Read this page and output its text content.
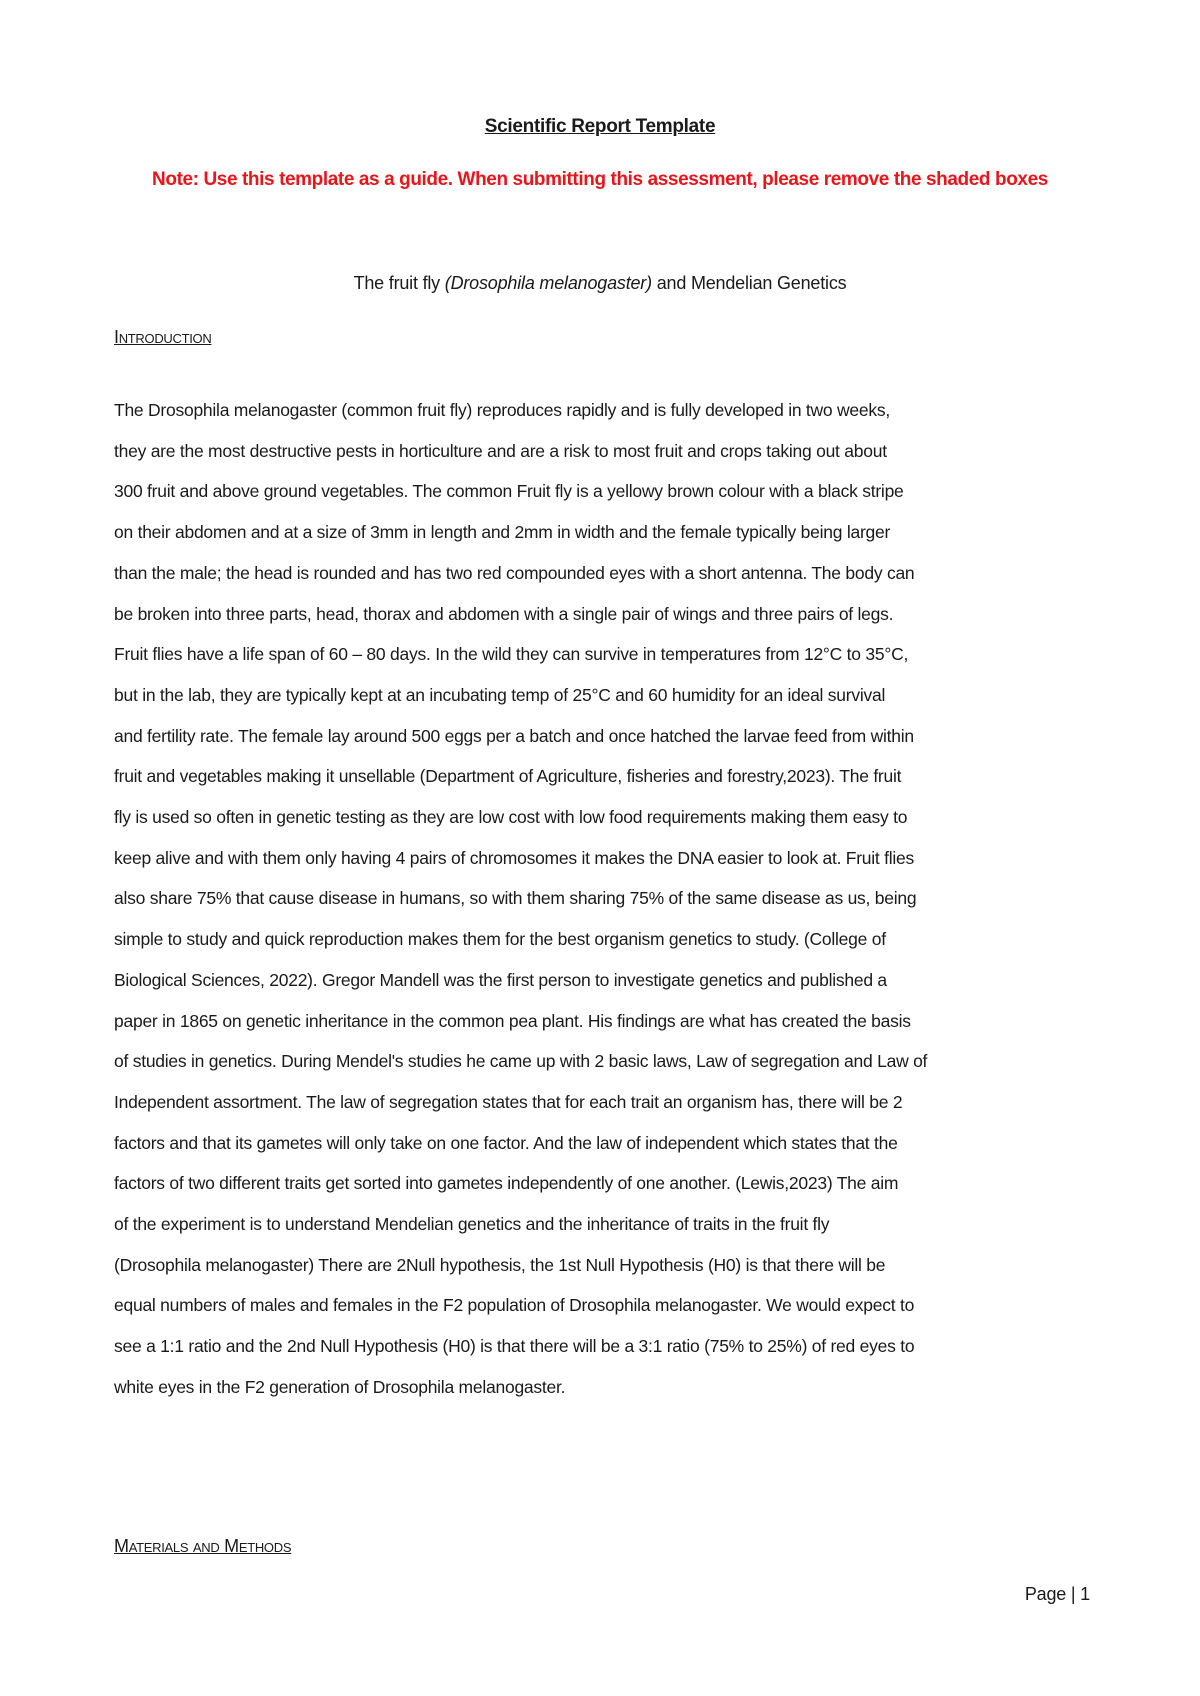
Scientific Report Template
Note: Use this template as a guide. When submitting this assessment, please remove the shaded boxes
The fruit fly (Drosophila melanogaster) and Mendelian Genetics
Introduction
The Drosophila melanogaster (common fruit fly) reproduces rapidly and is fully developed in two weeks,
they are the most destructive pests in horticulture and are a risk to most fruit and crops taking out about
300 fruit and above ground vegetables. The common Fruit fly is a yellowy brown colour with a black stripe
on their abdomen and at a size of 3mm in length and 2mm in width and the female typically being larger
than the male; the head is rounded and has two red compounded eyes with a short antenna. The body can
be broken into three parts, head, thorax and abdomen with a single pair of wings and three pairs of legs.
Fruit flies have a life span of 60 – 80 days. In the wild they can survive in temperatures from 12°C to 35°C,
but in the lab, they are typically kept at an incubating temp of 25°C and 60 humidity for an ideal survival
and fertility rate. The female lay around 500 eggs per a batch and once hatched the larvae feed from within
fruit and vegetables making it unsellable (Department of Agriculture, fisheries and forestry,2023). The fruit
fly is used so often in genetic testing as they are low cost with low food requirements making them easy to
keep alive and with them only having 4 pairs of chromosomes it makes the DNA easier to look at. Fruit flies
also share 75% that cause disease in humans, so with them sharing 75% of the same disease as us, being
simple to study and quick reproduction makes them for the best organism genetics to study. (College of
Biological Sciences, 2022). Gregor Mandell was the first person to investigate genetics and published a
paper in 1865 on genetic inheritance in the common pea plant. His findings are what has created the basis
of studies in genetics. During Mendel's studies he came up with 2 basic laws, Law of segregation and Law of
Independent assortment. The law of segregation states that for each trait an organism has, there will be 2
factors and that its gametes will only take on one factor. And the law of independent which states that the
factors of two different traits get sorted into gametes independently of one another. (Lewis,2023) The aim
of the experiment is to understand Mendelian genetics and the inheritance of traits in the fruit fly
(Drosophila melanogaster) There are 2Null hypothesis, the 1st Null Hypothesis (H0) is that there will be
equal numbers of males and females in the F2 population of Drosophila melanogaster. We would expect to
see a 1:1 ratio and the 2nd Null Hypothesis (H0) is that there will be a 3:1 ratio (75% to 25%) of red eyes to
white eyes in the F2 generation of Drosophila melanogaster.
Materials and Methods
Page | 1
